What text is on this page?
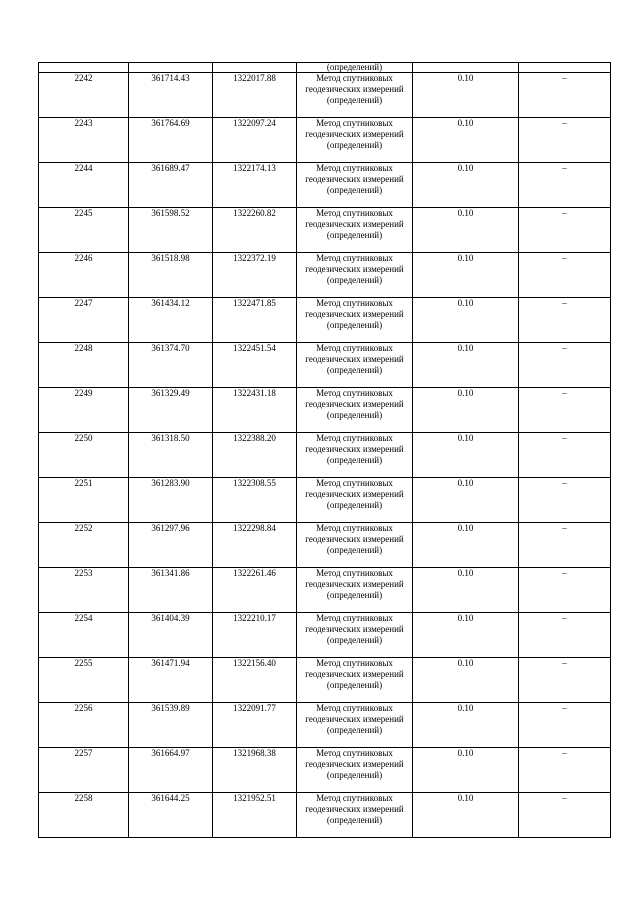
			(определений)		
2242	361714.43	1322017.88	Метод спутниковых геодезических измерений (определений)	0.10	–
2243	361764.69	1322097.24	Метод спутниковых геодезических измерений (определений)	0.10	–
2244	361689.47	1322174.13	Метод спутниковых геодезических измерений (определений)	0.10	–
2245	361598.52	1322260.82	Метод спутниковых геодезических измерений (определений)	0.10	–
2246	361518.98	1322372.19	Метод спутниковых геодезических измерений (определений)	0.10	–
2247	361434.12	1322471.85	Метод спутниковых геодезических измерений (определений)	0.10	–
2248	361374.70	1322451.54	Метод спутниковых геодезических измерений (определений)	0.10	–
2249	361329.49	1322431.18	Метод спутниковых геодезических измерений (определений)	0.10	–
2250	361318.50	1322388.20	Метод спутниковых геодезических измерений (определений)	0.10	–
2251	361283.90	1322308.55	Метод спутниковых геодезических измерений (определений)	0.10	–
2252	361297.96	1322298.84	Метод спутниковых геодезических измерений (определений)	0.10	–
2253	361341.86	1322261.46	Метод спутниковых геодезических измерений (определений)	0.10	–
2254	361404.39	1322210.17	Метод спутниковых геодезических измерений (определений)	0.10	–
2255	361471.94	1322156.40	Метод спутниковых геодезических измерений (определений)	0.10	–
2256	361539.89	1322091.77	Метод спутниковых геодезических измерений (определений)	0.10	–
2257	361664.97	1321968.38	Метод спутниковых геодезических измерений (определений)	0.10	–
2258	361644.25	1321952.51	Метод спутниковых геодезических измерений (определений)	0.10	–
